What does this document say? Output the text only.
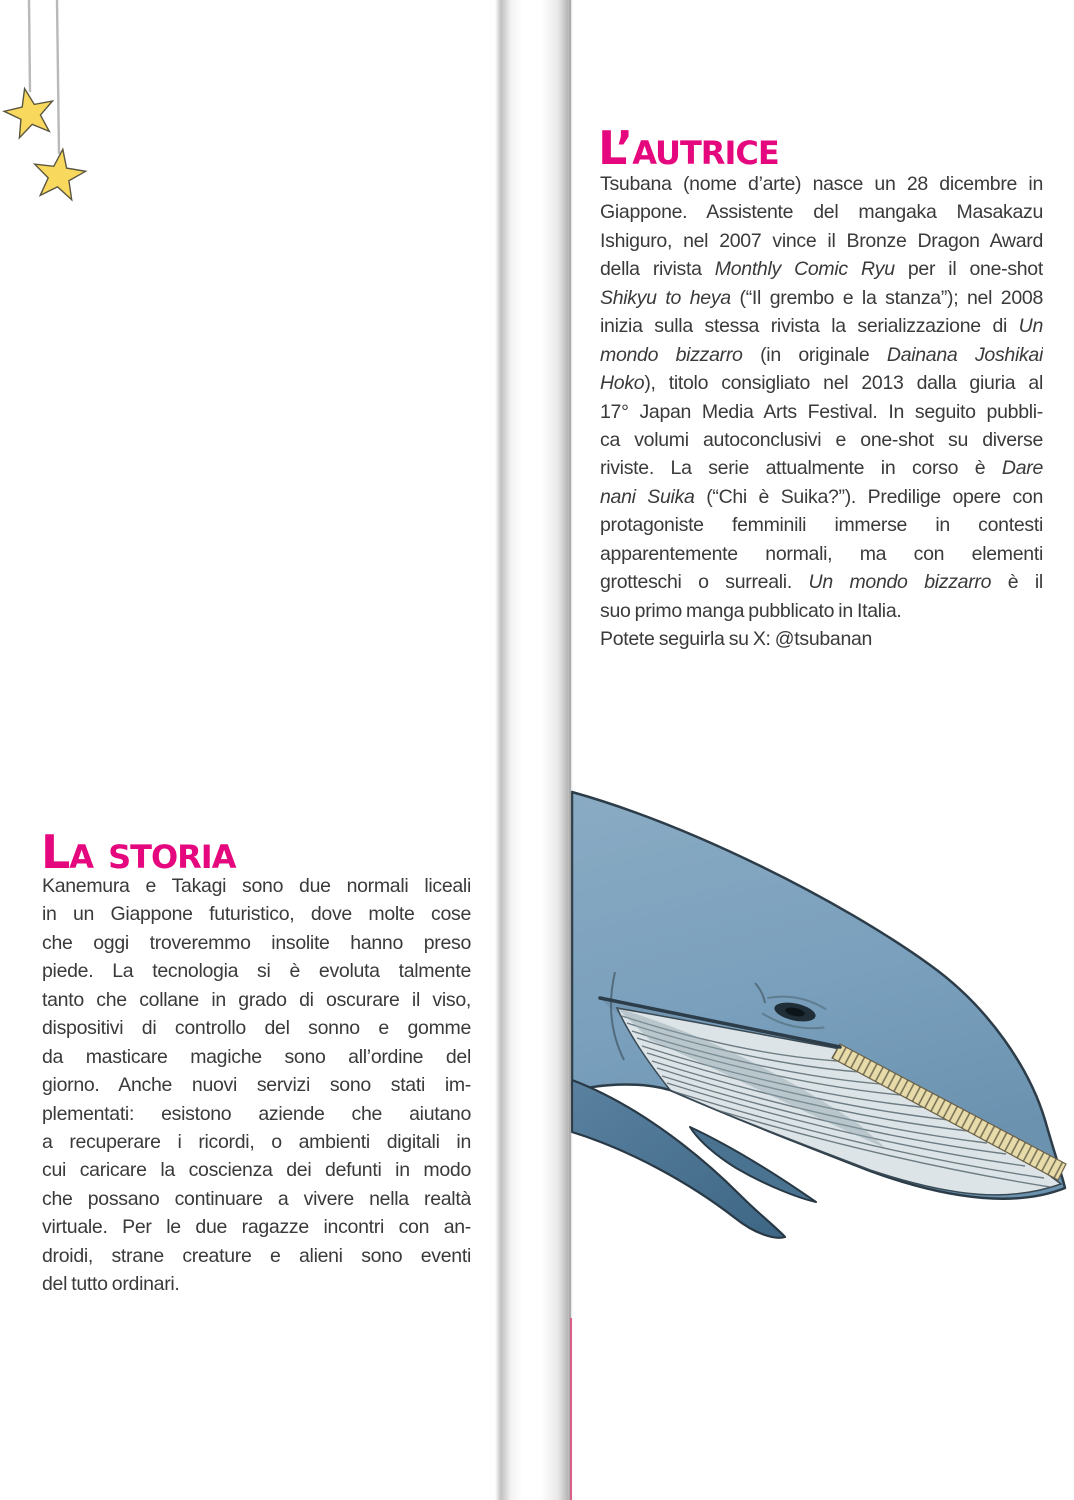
L’autrice
Tsubana (nome d’arte) nasce un 28 dicembre in
Giappone. Assistente del mangaka Masakazu
Ishiguro, nel 2007 vince il Bronze Dragon Award
della rivista Monthly Comic Ryu per il one-shot
Shikyu to heya (“Il grembo e la stanza”); nel 2008
inizia sulla stessa rivista la serializzazione di Un
mondo bizzarro (in originale Dainana Joshikai
Hoko), titolo consigliato nel 2013 dalla giuria al
17° Japan Media Arts Festival. In seguito pubbli-
ca volumi autoconclusivi e one-shot su diverse
riviste. La serie attualmente in corso è Dare
nani Suika (“Chi è Suika?”). Predilige opere con
protagoniste femminili immerse in contesti
apparentemente normali, ma con elementi
grotteschi o surreali. Un mondo bizzarro è il
suo primo manga pubblicato in Italia.
Potete seguirla su X: @tsubanan
La storia
Kanemura e Takagi sono due normali liceali
in un Giappone futuristico, dove molte cose
che oggi troveremmo insolite hanno preso
piede. La tecnologia si è evoluta talmente
tanto che collane in grado di oscurare il viso,
dispositivi di controllo del sonno e gomme
da masticare magiche sono all’ordine del
giorno. Anche nuovi servizi sono stati im-
plementati: esistono aziende che aiutano
a recuperare i ricordi, o ambienti digitali in
cui caricare la coscienza dei defunti in modo
che possano continuare a vivere nella realtà
virtuale. Per le due ragazze incontri con an-
droidi, strane creature e alieni sono eventi
del tutto ordinari.
